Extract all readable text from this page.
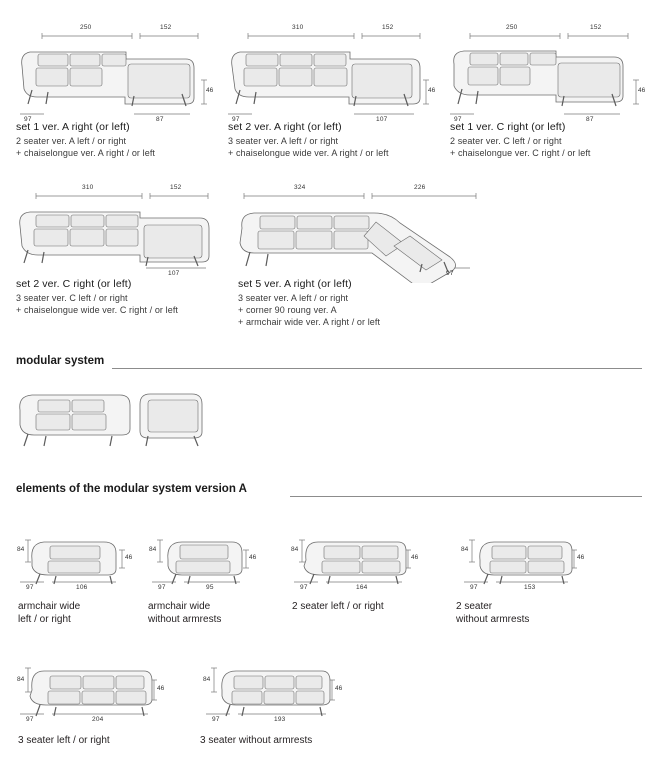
250	152
46
97	87
set 1 ver. A right (or left)
2 seater ver. A left / or right
+ chaiselongue ver. A right / or left
310	152
46
97	107
set 2 ver. A right (or left)
3 seater ver. A left / or right
+ chaiselongue wide ver. A right / or left
250	152
46
97	87
set 1 ver. C right (or left)
2 seater ver. C left / or right
+ chaiselongue ver. C right / or left
310	152
107
set 2 ver. C right (or left)
3 seater ver. C left / or right
+ chaiselongue wide ver. C right / or left
324	226
97
set 5 ver. A right (or left)
3 seater ver. A left / or right
+ corner 90 roung ver. A
+ armchair wide ver. A right / or left
modular system
elements of the modular system version A
84
46
97	106
armchair wide
left / or right
84
46
97	95
armchair wide
without armrests
84
46
97	164
2 seater left / or right
84
46
97	153
2 seater
without armrests
84
46
97	204
3 seater left / or right
84
46
97	193
3 seater without armrests
